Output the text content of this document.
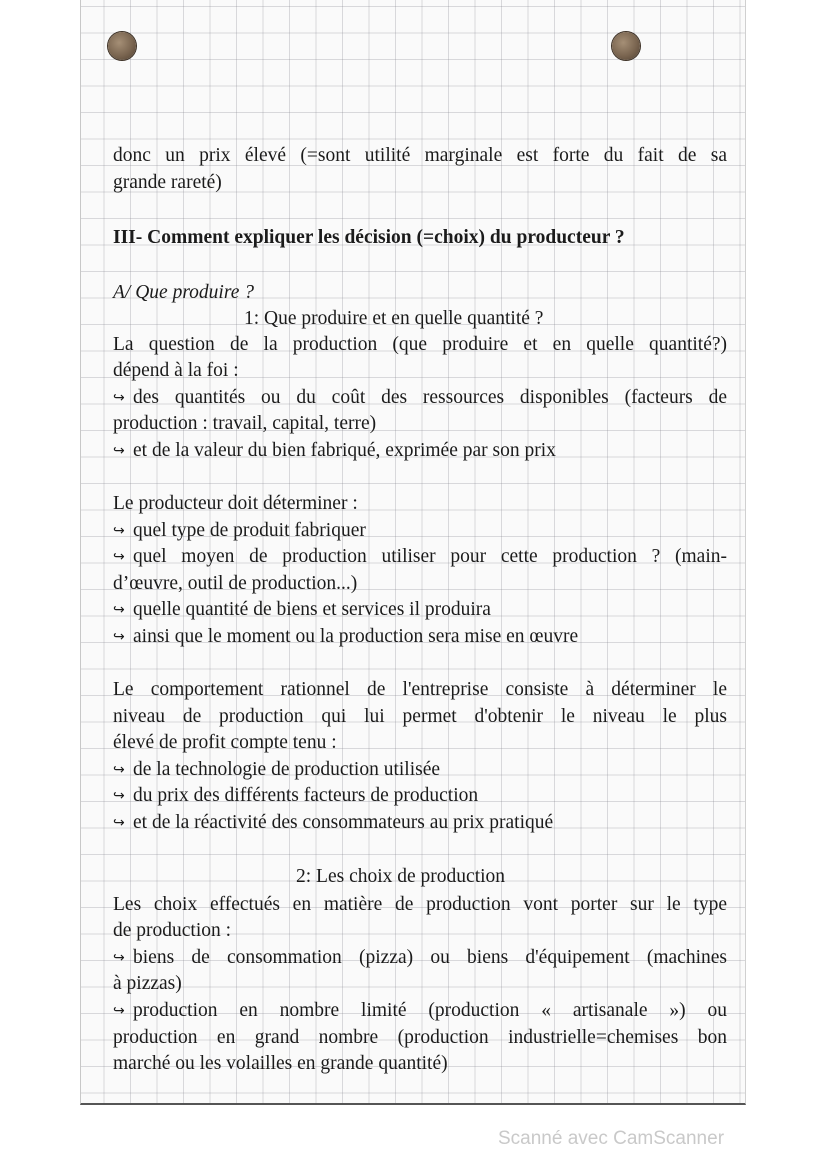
donc un prix élevé (=sont utilité marginale est forte du fait de sa
grande rareté)
III- Comment expliquer les décision (=choix) du producteur ?
A/ Que produire ?
1: Que produire et en quelle quantité ?
La question de la production (que produire et en quelle quantité?)
dépend à la foi :
↪ des quantités ou du coût des ressources disponibles (facteurs de
production : travail, capital, terre)
↪ et de la valeur du bien fabriqué, exprimée par son prix
Le producteur doit déterminer :
↪ quel type de produit fabriquer
↪ quel moyen de production utiliser pour cette production ? (main-
d’œuvre, outil de production...)
↪ quelle quantité de biens et services il produira
↪ ainsi que le moment ou la production sera mise en œuvre
Le comportement rationnel de l'entreprise consiste à déterminer le
niveau de production qui lui permet d'obtenir le niveau le plus
élevé de profit compte tenu :
↪ de la technologie de production utilisée
↪ du prix des différents facteurs de production
↪ et de la réactivité des consommateurs au prix pratiqué
2: Les choix de production
Les choix effectués en matière de production vont porter sur le type
de production :
↪ biens de consommation (pizza) ou biens d'équipement (machines
à pizzas)
↪ production en nombre limité (production « artisanale ») ou
production en grand nombre (production industrielle=chemises bon
marché ou les volailles en grande quantité)
Scanné avec CamScanner
